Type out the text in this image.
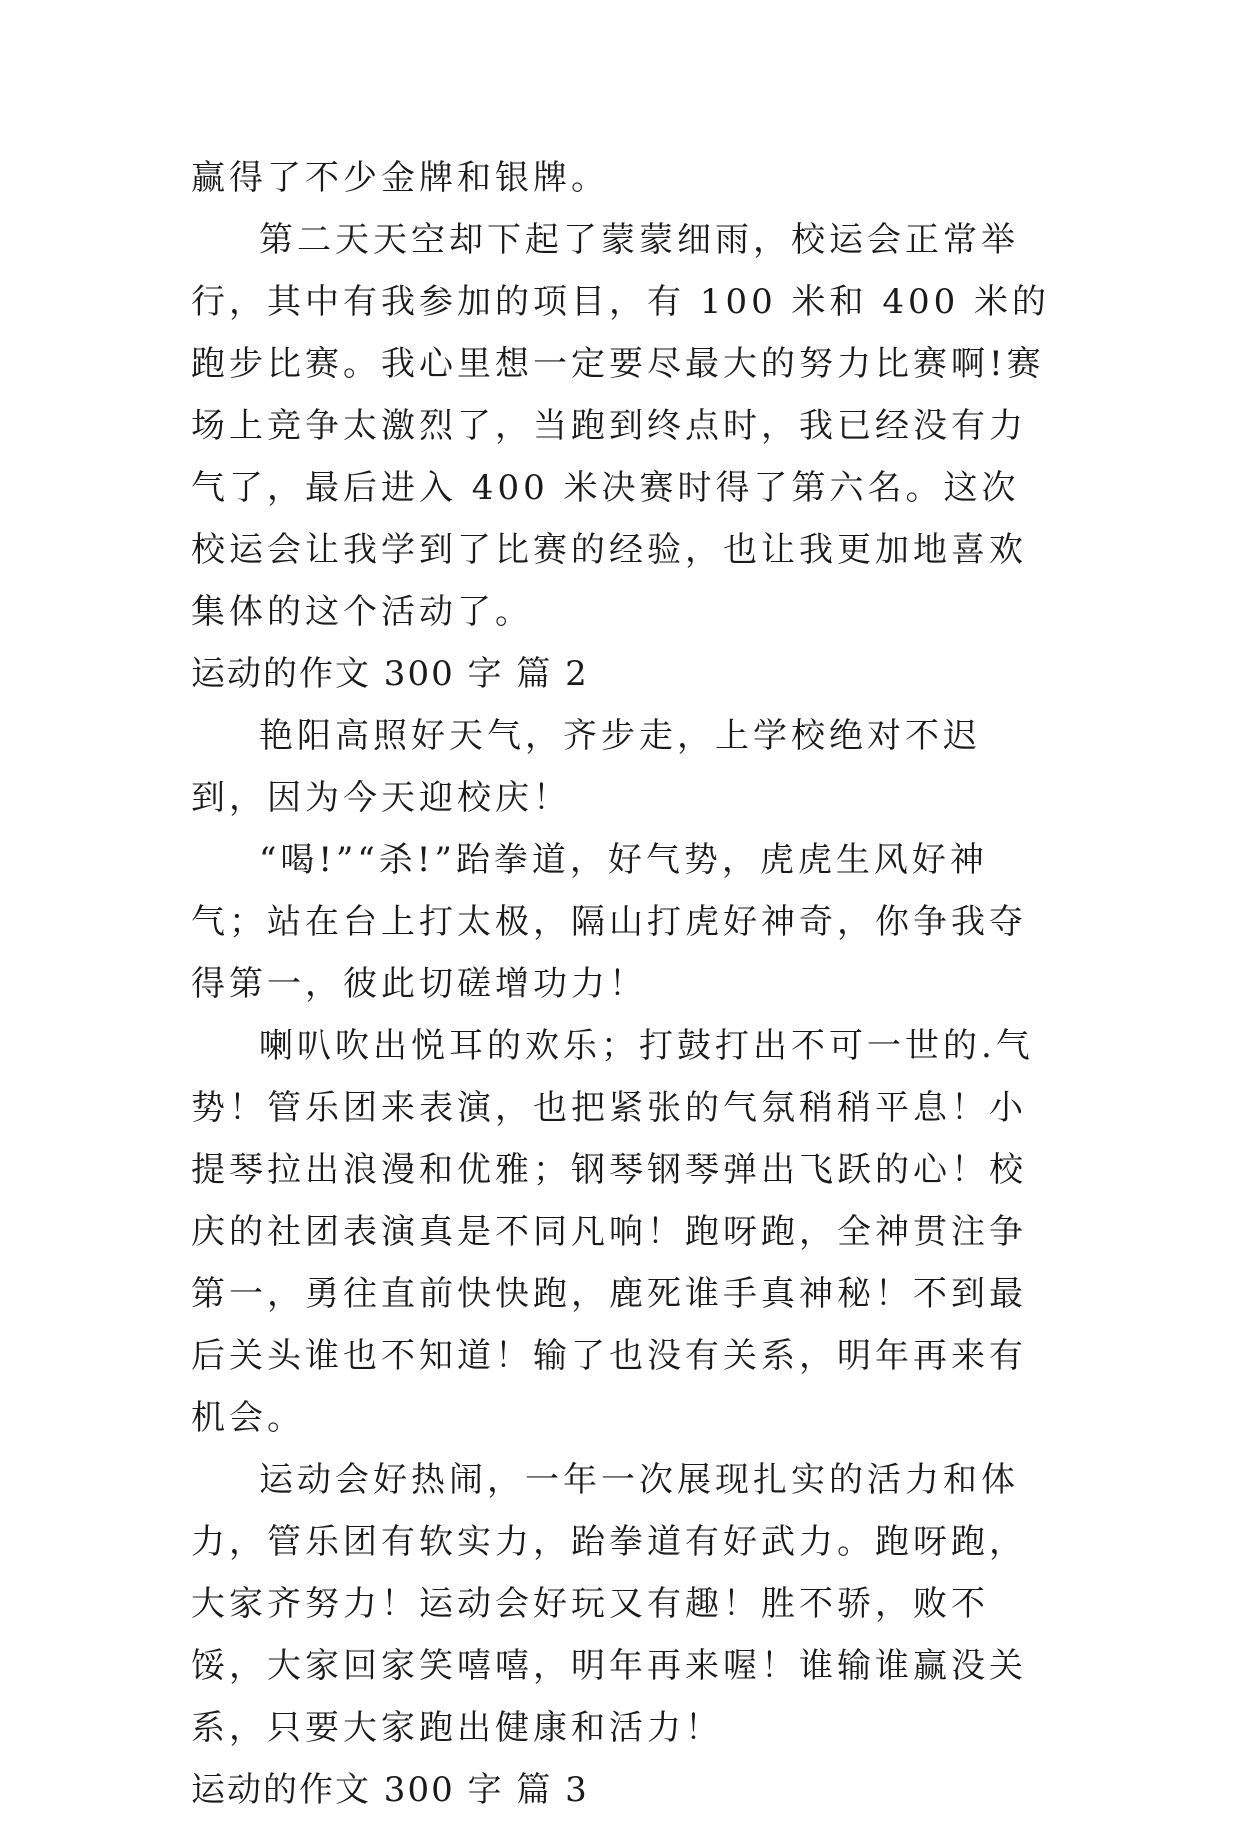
赢得了不少金牌和银牌。

第二天天空却下起了蒙蒙细雨，校运会正常举行，其中有我参加的项目，有 100 米和 400 米的跑步比赛。我心里想一定要尽最大的努力比赛啊!赛场上竞争太激烈了，当跑到终点时，我已经没有力气了，最后进入 400 米决赛时得了第六名。这次校运会让我学到了比赛的经验，也让我更加地喜欢集体的这个活动了。

运动的作文 300 字 篇 2

艳阳高照好天气，齐步走，上学校绝对不迟到，因为今天迎校庆！

“喝!”“杀!”跆拳道，好气势，虎虎生风好神气；站在台上打太极，隔山打虎好神奇，你争我夺得第一，彼此切磋增功力！

喇叭吹出悦耳的欢乐；打鼓打出不可一世的.气势！管乐团来表演，也把紧张的气氛稍稍平息！小提琴拉出浪漫和优雅；钢琴钢琴弹出飞跃的心！校庆的社团表演真是不同凡响！跑呀跑，全神贯注争第一，勇往直前快快跑，鹿死谁手真神秘！不到最后关头谁也不知道！输了也没有关系，明年再来有机会。

运动会好热闹，一年一次展现扎实的活力和体力，管乐团有软实力，跆拳道有好武力。跑呀跑，大家齐努力！运动会好玩又有趣！胜不骄，败不馁，大家回家笑嘻嘻，明年再来喔！谁输谁赢没关系，只要大家跑出健康和活力！

运动的作文 300 字 篇 3
